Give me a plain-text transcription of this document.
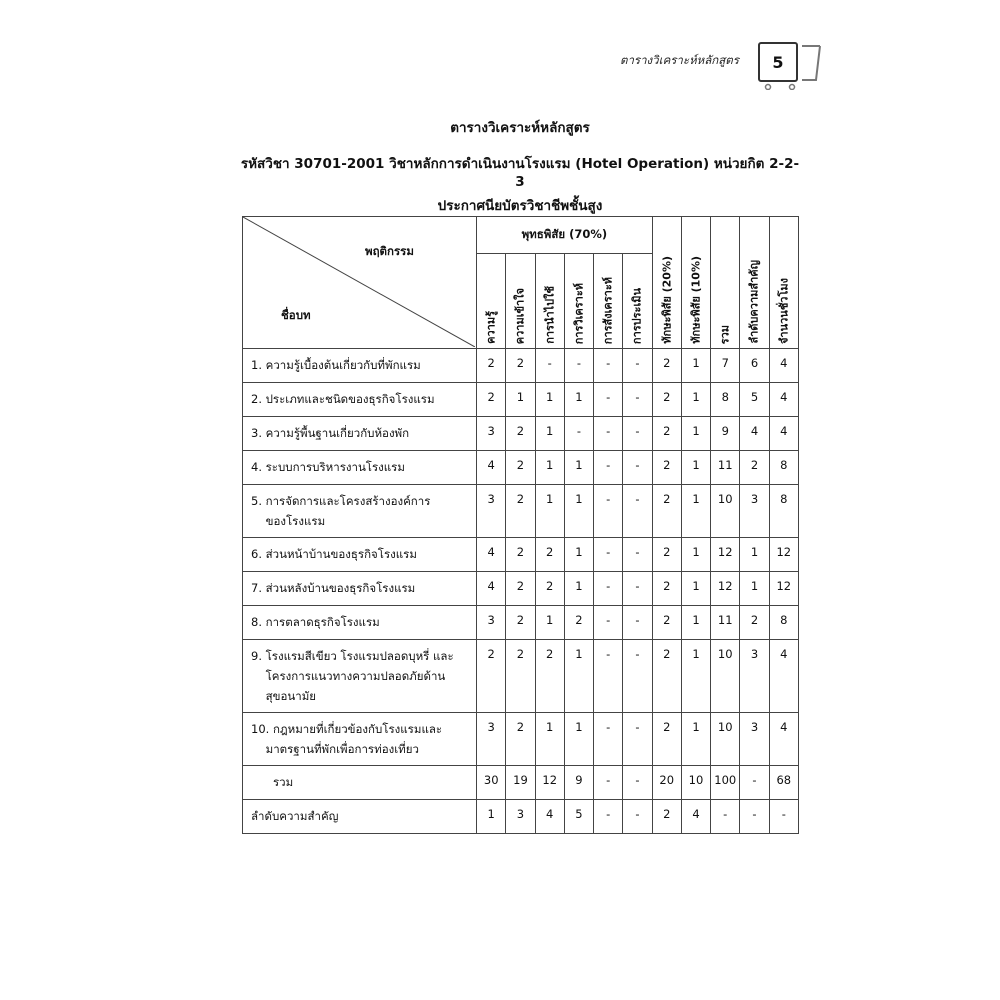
ตารางวิเคราะห์หลักสูตร	5
ตารางวิเคราะห์หลักสูตร
รหัสวิชา 30701-2001 วิชาหลักการดำเนินงานโรงแรม (Hotel Operation) หน่วยกิต 2-2-3
ประกาศนียบัตรวิชาชีพชั้นสูง
พฤติกรรม
ชื่อบท	พุทธพิสัย (70%)						ทักษะพิสัย (20%)	ทักษะพิสัย (10%)	รวม	ลำดับความสำคัญ	จำนวนชั่วโมง

	ความรู้	ความเข้าใจ	การนำไปใช้	การวิเคราะห์	การสังเคราะห์	การประเมิน					

1. ความรู้เบื้องต้นเกี่ยวกับที่พักแรม	2	2	-	-	-	-	2	1	7	6	4

2. ประเภทและชนิดของธุรกิจโรงแรม	2	1	1	1	-	-	2	1	8	5	4

3. ความรู้พื้นฐานเกี่ยวกับห้องพัก	3	2	1	-	-	-	2	1	9	4	4

4. ระบบการบริหารงานโรงแรม	4	2	1	1	-	-	2	1	11	2	8

5. การจัดการและโครงสร้างองค์การ
ของโรงแรม	3	2	1	1	-	-	2	1	10	3	8

6. ส่วนหน้าบ้านของธุรกิจโรงแรม	4	2	2	1	-	-	2	1	12	1	12

7. ส่วนหลังบ้านของธุรกิจโรงแรม	4	2	2	1	-	-	2	1	12	1	12

8. การตลาดธุรกิจโรงแรม	3	2	1	2	-	-	2	1	11	2	8

9. โรงแรมสีเขียว โรงแรมปลอดบุหรี่ และ
โครงการแนวทางความปลอดภัยด้าน
สุขอนามัย	2	2	2	1	-	-	2	1	10	3	4

10. กฎหมายที่เกี่ยวข้องกับโรงแรมและ
มาตรฐานที่พักเพื่อการท่องเที่ยว	3	2	1	1	-	-	2	1	10	3	4

รวม	30	19	12	9	-	-	20	10	100	-	68

ลำดับความสำคัญ	1	3	4	5	-	-	2	4	-	-	-
